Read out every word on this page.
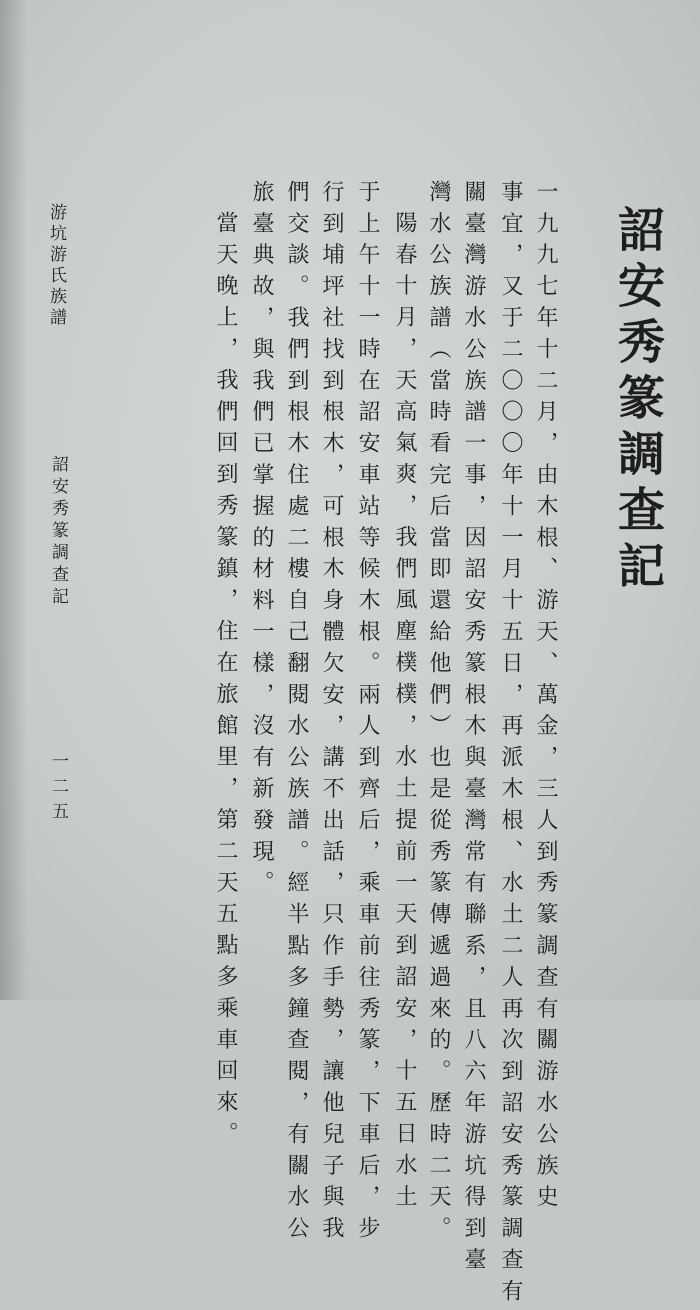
詔安秀篆調查記
一九九七年十二月，由木根、游天、萬金，三人到秀篆調查有關游水公族史
事宜，又于二〇〇〇年十一月十五日，再派木根、水土二人再次到詔安秀篆調查有
關臺灣游水公族譜一事，因詔安秀篆根木與臺灣常有聯系，且八六年游坑得到臺
灣水公族譜（當時看完后當即還給他們）也是從秀篆傳遞過來的。歷時二天。
陽春十月，天高氣爽，我們風塵樸樸，水土提前一天到詔安，十五日水土
于上午十一時在詔安車站等候木根。兩人到齊后，乘車前往秀篆，下車后，步
行到埔坪社找到根木，可根木身體欠安，講不出話，只作手勢，讓他兒子與我
們交談。我們到根木住處二樓自己翻閱水公族譜。經半點多鐘查閱，有關水公
旅臺典故，與我們已掌握的材料一樣，沒有新發現。
當天晚上，我們回到秀篆鎮，住在旅館里，第二天五點多乘車回來。
游坑游氏族譜
詔安秀篆調查記
一二五
